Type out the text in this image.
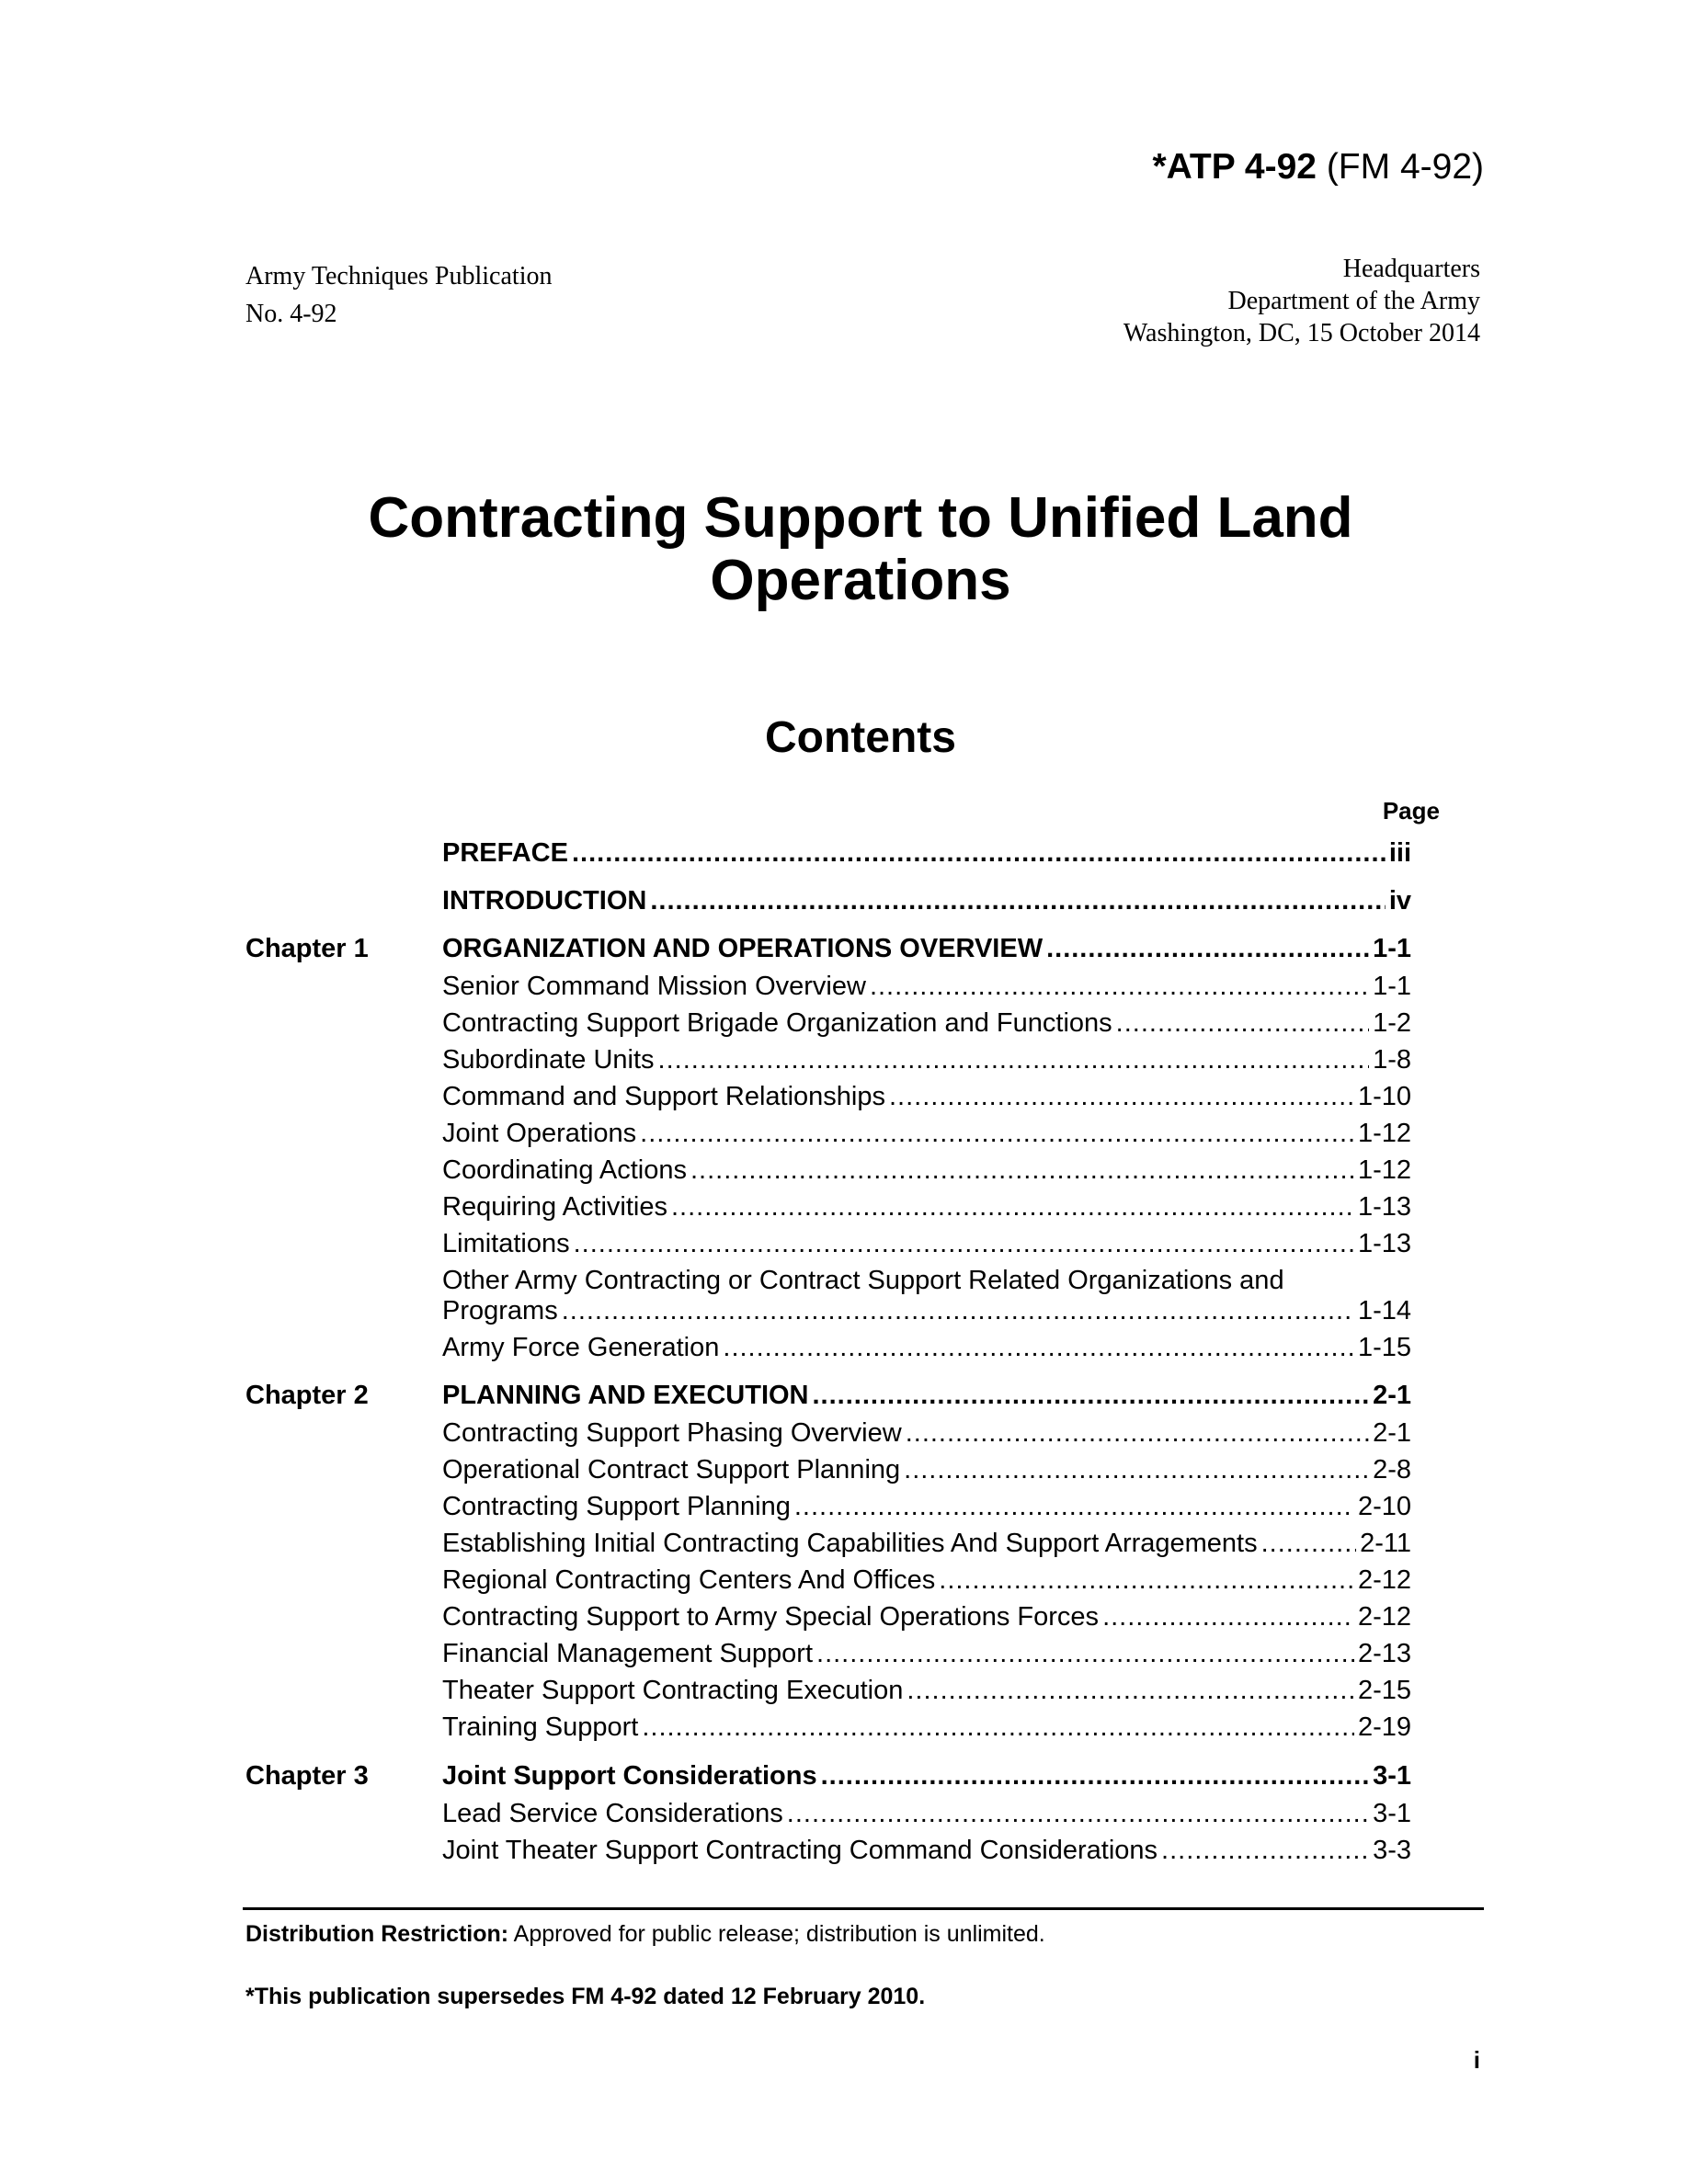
*ATP 4-92 (FM 4-92)
Army Techniques Publication
No. 4-92
Headquarters
Department of the Army
Washington, DC, 15 October 2014
Contracting Support to Unified Land
Operations
Contents
Page
PREFACE .....	iii
INTRODUCTION .....	iv
Chapter 1	ORGANIZATION AND OPERATIONS OVERVIEW .....	1-1
Senior Command Mission Overview .....	1-1
Contracting Support Brigade Organization and Functions .....	1-2
Subordinate Units .....	1-8
Command and Support Relationships .....	1-10
Joint Operations .....	1-12
Coordinating Actions .....	1-12
Requiring Activities .....	1-13
Limitations .....	1-13
Other Army Contracting or Contract Support Related Organizations and
Programs .....	1-14
Army Force Generation .....	1-15
Chapter 2	PLANNING AND EXECUTION .....	2-1
Contracting Support Phasing Overview .....	2-1
Operational Contract Support Planning .....	2-8
Contracting Support Planning .....	2-10
Establishing Initial Contracting Capabilities And Support Arragements .....	2-11
Regional Contracting Centers And Offices .....	2-12
Contracting Support to Army Special Operations Forces .....	2-12
Financial Management Support .....	2-13
Theater Support Contracting Execution .....	2-15
Training Support .....	2-19
Chapter 3	Joint Support Considerations .....	3-1
Lead Service Considerations .....	3-1
Joint Theater Support Contracting Command Considerations .....	3-3
Distribution Restriction: Approved for public release; distribution is unlimited.
*This publication supersedes FM 4-92 dated 12 February 2010.
i
